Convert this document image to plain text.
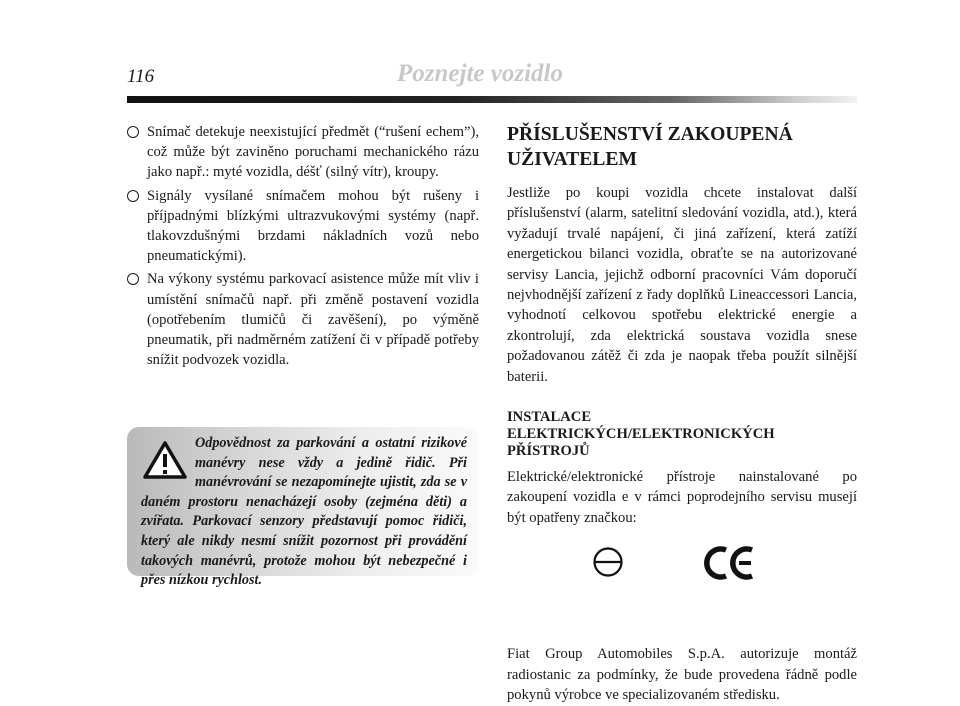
116	Poznejte vozidlo
Snímač detekuje neexistující předmět (“rušení echem”), což může být zaviněno poruchami mechanického rázu jako např.: myté vozidla, déšť (silný vítr), kroupy.
Signály vysílané snímačem mohou být rušeny i příjpadnými blízkými ultrazvukovými systémy (např. tlakovzdušnými brzdami nákladních vozů nebo pneumatickými).
Na výkony systému parkovací asistence může mít vliv i umístění snímačů např. při změně postavení vozidla (opotřebením tlumičů či zavěšení), po výměně pneumatik, při nadměrném zatížení či v případě potřeby snížit podvozek vozidla.
Odpovědnost za parkování a ostatní rizikové manévry nese vždy a jedině řidič. Při manévrování se nezapomínejte ujistit, zda se v daném prostoru nenacházejí osoby (zejména děti) a zvířata. Parkovací senzory představují pomoc řidiči, který ale nikdy nesmí snížit pozornost při provádění takových manévrů, protože mohou být nebezpečné i přes nízkou rychlost.
PŘÍSLUŠENSTVÍ ZAKOUPENÁ UŽIVATELEM

Jestliže po koupi vozidla chcete instalovat další příslušenství (alarm, satelitní sledování vozidla, atd.), která vyžadují trvalé napájení, či jiná zařízení, která zatíží energetickou bilanci vozidla, obraťte se na autorizované servisy Lancia, jejichž odborní pracovníci Vám doporučí nejvhodnější zařízení z řady doplňků Lineaccessori Lancia, vyhodnotí celkovou spotřebu elektrické energie a zkontrolují, zda elektrická soustava vozidla snese požadovanou zátěž či zda je naopak třeba použít silnější baterii.

INSTALACE ELEKTRICKÝCH/ELEKTRONICKÝCH PŘÍSTROJŮ

Elektrické/elektronické přístroje nainstalované po zakoupení vozidla e v rámci poprodejního servisu musejí být opatřeny značkou:

Fiat Group Automobiles S.p.A. autorizuje montáž radiostanic za podmínky, že bude provedena řádně podle pokynů výrobce ve specializovaném středisku.
